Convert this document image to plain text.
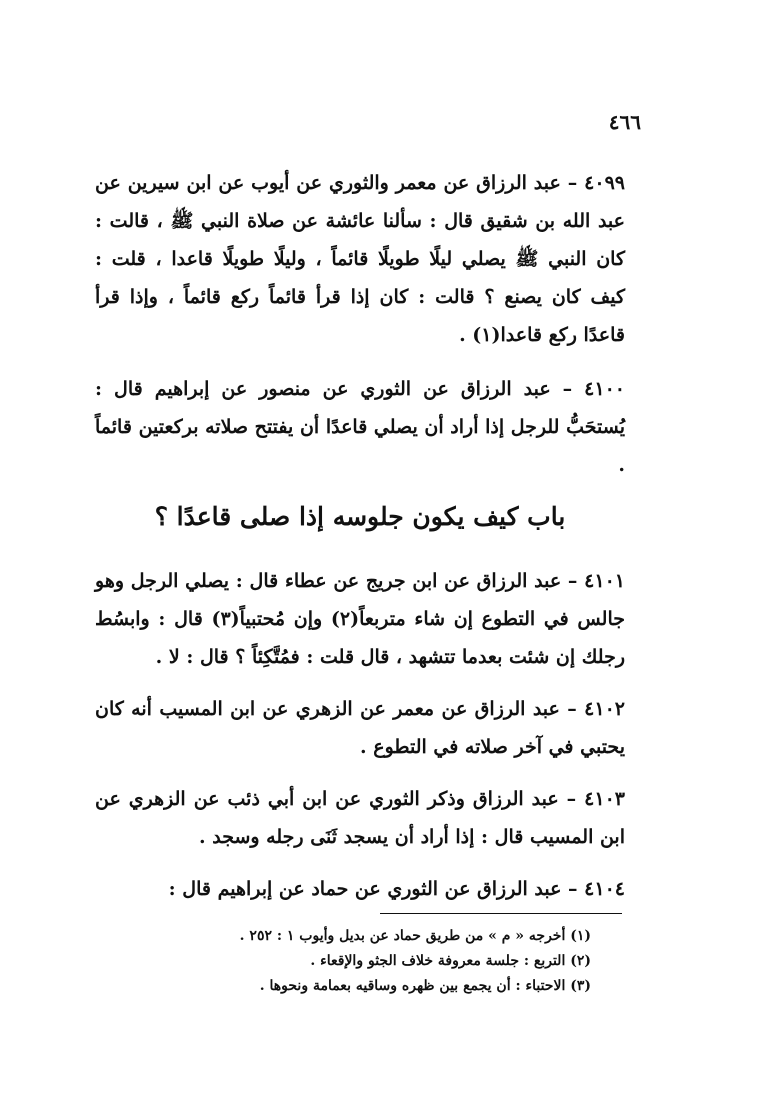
٤٦٦

٤٠٩٩ – عبد الرزاق عن معمر والثوري عن أيوب عن ابن سيرين عن عبد الله بن شقيق قال : سألنا عائشة عن صلاة النبي ﷺ ، قالت : كان النبي ﷺ يصلي ليلًا طويلًا قائماً ، وليلًا طويلًا قاعدا ، قلت : كيف كان يصنع ؟ قالت : كان إذا قرأ قائماً ركع قائماً ، وإذا قرأ قاعدًا ركع قاعدا(١) .

٤١٠٠ – عبد الرزاق عن الثوري عن منصور عن إبراهيم قال : يُستحَبُّ للرجل إذا أراد أن يصلي قاعدًا أن يفتتح صلاته بركعتين قائماً .

باب كيف يكون جلوسه إذا صلى قاعدًا ؟

٤١٠١ – عبد الرزاق عن ابن جريج عن عطاء قال : يصلي الرجل وهو جالس في التطوع إن شاء متربعاً(٢) وإن مُحتبياً(٣) قال : وابسُط رجلك إن شئت بعدما تتشهد ، قال قلت : فمُتَّكِئاً ؟ قال : لا .

٤١٠٢ – عبد الرزاق عن معمر عن الزهري عن ابن المسيب أنه كان يحتبي في آخر صلاته في التطوع .

٤١٠٣ – عبد الرزاق وذكر الثوري عن ابن أبي ذئب عن الزهري عن ابن المسيب قال : إذا أراد أن يسجد ثَنَى رجله وسجد .

٤١٠٤ – عبد الرزاق عن الثوري عن حماد عن إبراهيم قال :

(١) أخرجه « م » من طريق حماد عن بديل وأيوب ١ : ٢٥٢ .
(٢) التربع : جلسة معروفة خلاف الجثو والإقعاء .
(٣) الاحتباء : أن يجمع بين ظهره وساقيه بعمامة ونحوها .
